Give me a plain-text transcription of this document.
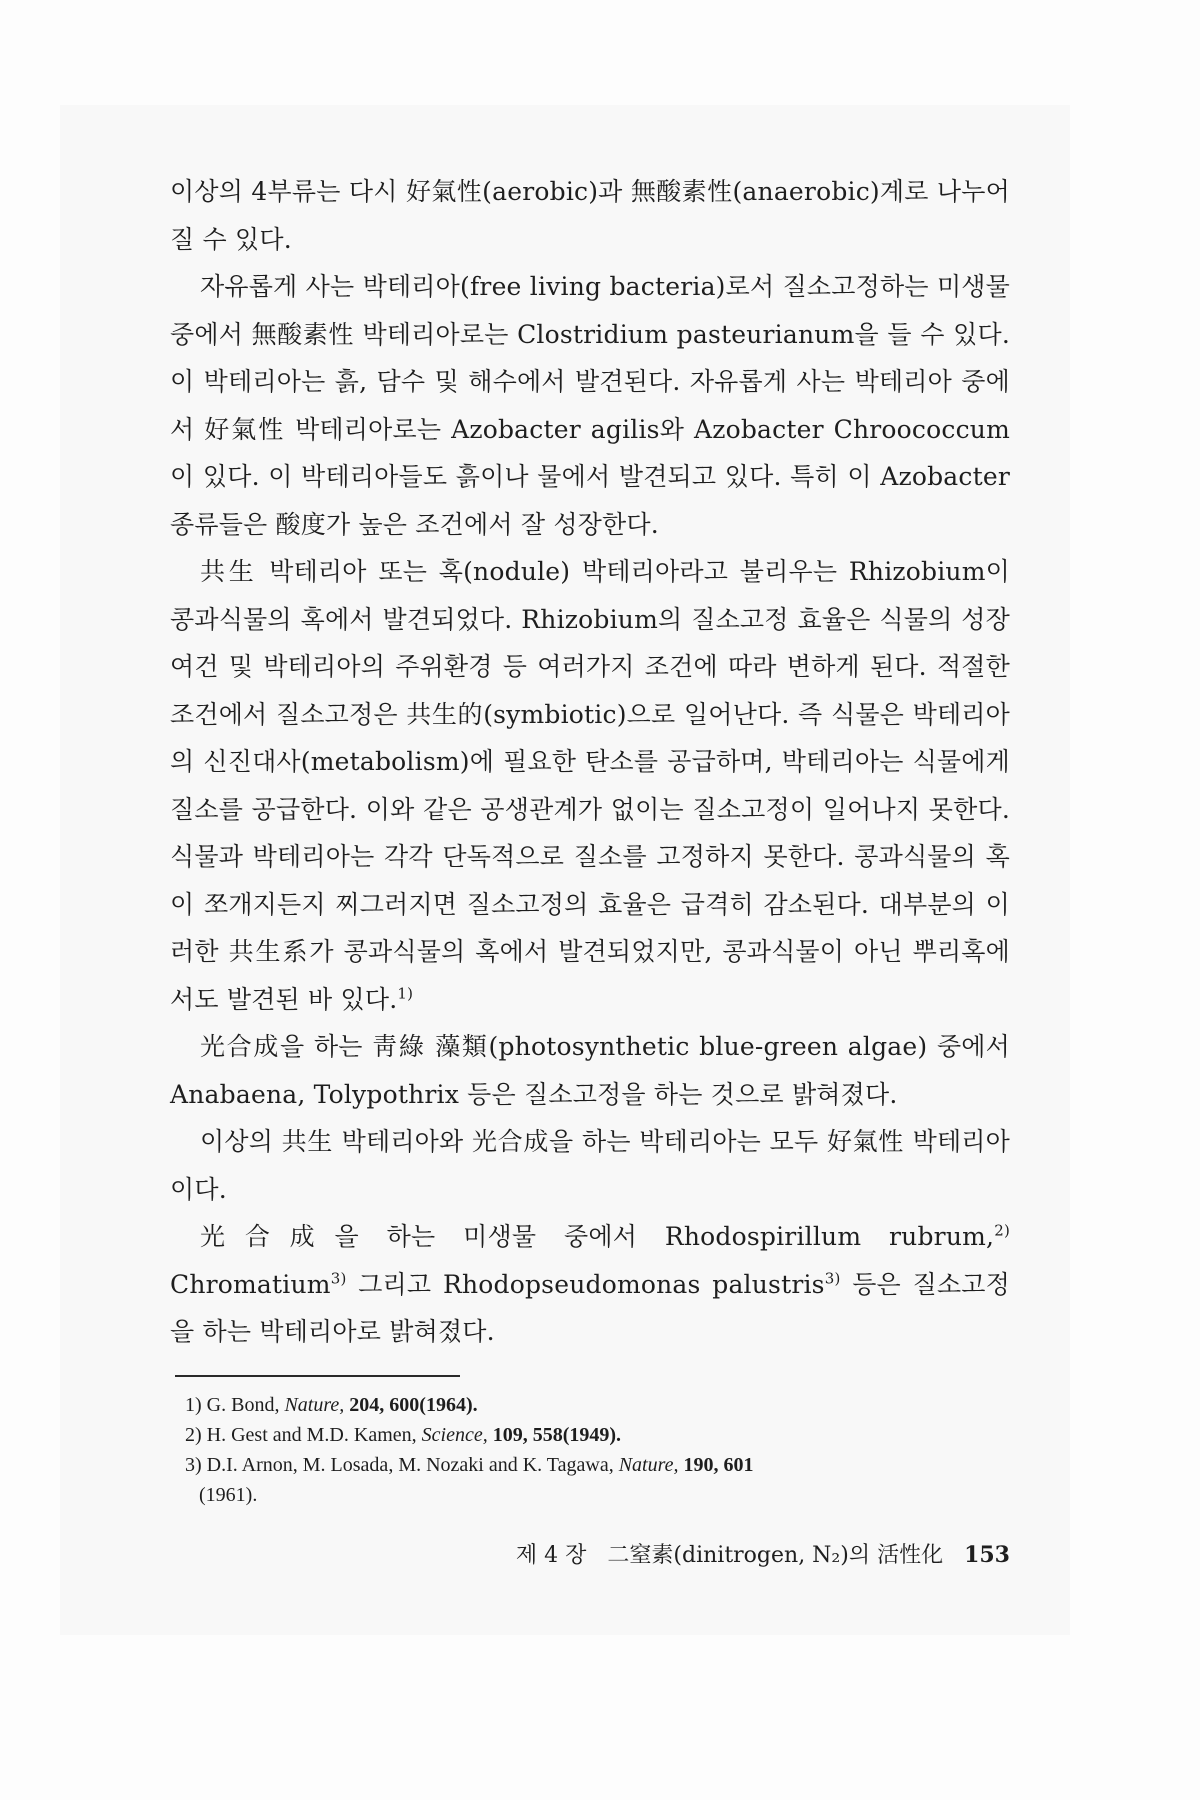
이상의 4부류는 다시 好氣性(aerobic)과 無酸素性(anaerobic)계로 나누어 질 수 있다.

자유롭게 사는 박테리아(free living bacteria)로서 질소고정하는 미생물 중에서 無酸素性 박테리아로는 Clostridium pasteurianum을 들 수 있다. 이 박테리아는 흙, 담수 및 해수에서 발견된다. 자유롭게 사는 박테리아 중에서 好氣性 박테리아로는 Azobacter agilis와 Azobacter Chroococcum이 있다. 이 박테리아들도 흙이나 물에서 발견되고 있다. 특히 이 Azobacter 종류들은 酸度가 높은 조건에서 잘 성장한다.

共生 박테리아 또는 혹(nodule) 박테리아라고 불리우는 Rhizobium이 콩과식물의 혹에서 발견되었다. Rhizobium의 질소고정 효율은 식물의 성장여건 및 박테리아의 주위환경 등 여러가지 조건에 따라 변하게 된다. 적절한 조건에서 질소고정은 共生的(symbiotic)으로 일어난다. 즉 식물은 박테리아의 신진대사(metabolism)에 필요한 탄소를 공급하며, 박테리아는 식물에게 질소를 공급한다. 이와 같은 공생관계가 없이는 질소고정이 일어나지 못한다. 식물과 박테리아는 각각 단독적으로 질소를 고정하지 못한다. 콩과식물의 혹이 쪼개지든지 찌그러지면 질소고정의 효율은 급격히 감소된다. 대부분의 이러한 共生系가 콩과식물의 혹에서 발견되었지만, 콩과식물이 아닌 뿌리혹에서도 발견된 바 있다.$^{1)}$

光合成을 하는 靑綠 藻類(photosynthetic blue-green algae) 중에서 Anabaena, Tolypothrix 등은 질소고정을 하는 것으로 밝혀졌다.

이상의 共生 박테리아와 光合成을 하는 박테리아는 모두 好氣性 박테리아이다.

光合成을 하는 미생물 중에서 Rhodospirillum rubrum,$^{2)}$ Chromatium$^{3)}$ 그리고 Rhodopseudomonas palustris$^{3)}$ 등은 질소고정을 하는 박테리아로 밝혀졌다.

1) G. Bond, Nature, 204, 600(1964).

2) H. Gest and M.D. Kamen, Science, 109, 558(1949).

3) D.I. Arnon, M. Losada, M. Nozaki and K. Tagawa, Nature, 190, 601

(1961).

제 4 장 二窒素(dinitrogen, N₂)의 活性化 153
